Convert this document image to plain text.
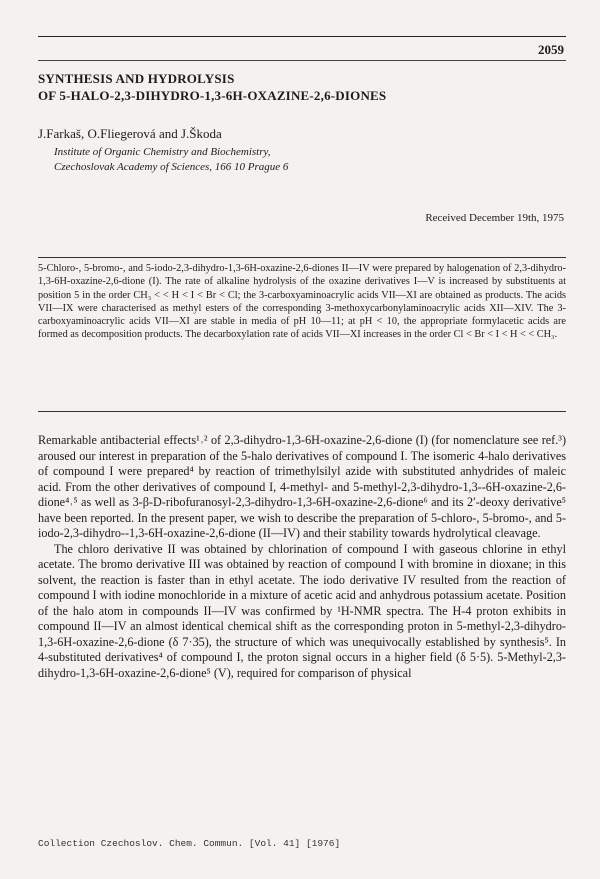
2059
SYNTHESIS AND HYDROLYSIS
OF 5-HALO-2,3-DIHYDRO-1,3-6H-OXAZINE-2,6-DIONES
J.Farkaš, O.Fliegerová and J.Škoda
Institute of Organic Chemistry and Biochemistry,
Czechoslovak Academy of Sciences, 166 10 Prague 6
Received December 19th, 1975
5-Chloro-, 5-bromo-, and 5-iodo-2,3-dihydro-1,3-6H-oxazine-2,6-diones II—IV were prepared by halogenation of 2,3-dihydro-1,3-6H-oxazine-2,6-dione (I). The rate of alkaline hydrolysis of the oxazine derivatives I—V is increased by substituents at position 5 in the order CH₃ < < H < I < Br < Cl; the 3-carboxyaminoacrylic acids VII—XI are obtained as products. The acids VII—IX were characterised as methyl esters of the corresponding 3-methoxycarbonylaminoacrylic acids XII—XIV. The 3-carboxyaminoacrylic acids VII—XI are stable in media of pH 10—11; at pH < 10, the appropriate formylacetic acids are formed as decomposition products. The decarboxylation rate of acids VII—XI increases in the order Cl < Br < I < H < < CH₃.

Remarkable antibacterial effects¹˒² of 2,3-dihydro-1,3-6H-oxazine-2,6-dione (I) (for nomenclature see ref.³) aroused our interest in preparation of the 5-halo derivatives of compound I. The isomeric 4-halo derivatives of compound I were prepared⁴ by reaction of trimethylsilyl azide with substituted anhydrides of maleic acid. From the other derivatives of compound I, 4-methyl- and 5-methyl-2,3-dihydro-1,3--6H-oxazine-2,6-dione⁴˒⁵ as well as 3-β-D-ribofuranosyl-2,3-dihydro-1,3-6H-oxazine-2,6-dione⁶ and its 2′-deoxy derivative⁵ have been reported. In the present paper, we wish to describe the preparation of 5-chloro-, 5-bromo-, and 5-iodo-2,3-dihydro--1,3-6H-oxazine-2,6-dione (II—IV) and their stability towards hydrolytical cleavage.

The chloro derivative II was obtained by chlorination of compound I with gaseous chlorine in ethyl acetate. The bromo derivative III was obtained by reaction of compound I with bromine in dioxane; in this solvent, the reaction is faster than in ethyl acetate. The iodo derivative IV resulted from the reaction of compound I with iodine monochloride in a mixture of acetic acid and anhydrous potassium acetate. Position of the halo atom in compounds II—IV was confirmed by ¹H-NMR spectra. The H-4 proton exhibits in compound II—IV an almost identical chemical shift as the corresponding proton in 5-methyl-2,3-dihydro-1,3-6H-oxazine-2,6-dione (δ 7·35), the structure of which was unequivocally established by synthesis⁵. In 4-substituted derivatives⁴ of compound I, the proton signal occurs in a higher field (δ 5·5). 5-Methyl-2,3-dihydro-1,3-6H-oxazine-2,6-dione⁵ (V), required for comparison of physical

Collection Czechoslov. Chem. Commun. [Vol. 41] [1976]
